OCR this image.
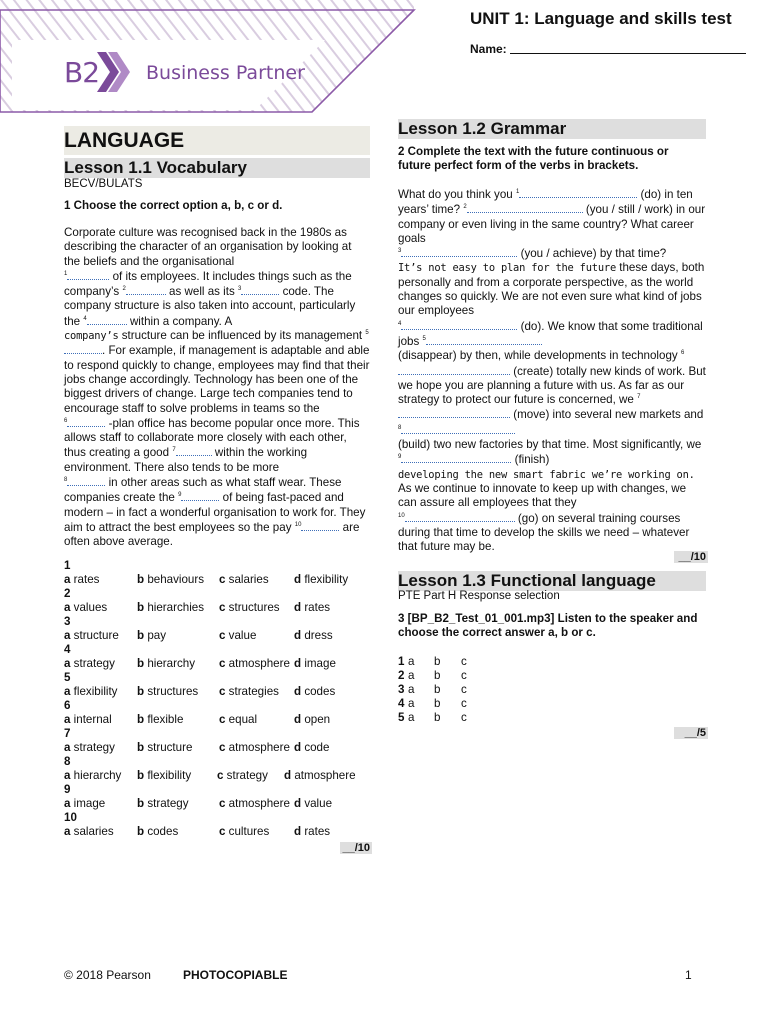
B2 Business Partner
UNIT 1: Language and skills test
Name:
LANGUAGE
Lesson 1.1 Vocabulary
BECV/BULATS
1 Choose the correct option a, b, c or d.
Corporate culture was recognised back in the 1980s as describing the character of an organisation by looking at the beliefs and the organisational
$^1$	of its employees. It includes things such as the company’s $^2$	as well as its $^3$	code. The company structure is also taken into account, particularly the $^4$	within a company. A
company’s structure can be influenced by its management $^5$. For example, if management is adaptable and able to respond quickly to change, employees may find that their jobs change accordingly. Technology has been one of the biggest drivers of change. Large tech companies tend to encourage staff to solve problems in teams so the
$^6$	-plan office has become popular once more. This allows staff to collaborate more closely with each other, thus creating a good $^7$	within the working environment. There also tends to be more
$^8$	in other areas such as what staff wear. These companies create the $^9$	of being fast-paced and modern – in fact a wonderful organisation to work for. They aim to attract the best employees so the pay $^{10}$	are often above average.
1
a rates	b behaviours c salaries d flexibility
2
a values	b hierarchies c structures d rates
3
a structure b pay	c value	d dress
4
a strategy b hierarchy c atmosphere d image
5
a flexibility b structures c strategies d codes
6
a internal b flexible	c equal	d open
7
a strategy b structure c atmosphere d code
8
a hierarchy b flexibility c strategy d atmosphere
9
a image	b strategy	c atmosphere d value
10
a salaries b codes	c cultures d rates
__/10
Lesson 1.2 Grammar
2 Complete the text with the future continuous or future perfect form of the verbs in brackets.
What do you think you $^1$	(do) in ten years’ time? $^2$	(you / still / work) in our company or even living in the same country? What career goals
$^3$	(you / achieve) by that time?
It’s not easy to plan for the future these days, both personally and from a corporate perspective, as the world changes so quickly. We are not even sure what kind of jobs our employees
$^4$	(do). We know that some traditional jobs $^5$
(disappear) by then, while developments in technology $^6$ (create) totally new kinds of work. But we hope you are planning a future with us. As far as our strategy to protect our future is concerned, we $^7$ (move) into several new markets and $^8$
(build) two new factories by that time. Most significantly, we $^9$	(finish)
developing the new smart fabric we’re working on. As we continue to innovate to keep up with changes, we can assure all employees that they
$^{10}$	(go) on several training courses during that time to develop the skills we need – whatever that future may be.
__/10
Lesson 1.3 Functional language
PTE Part H Response selection
3 [BP_B2_Test_01_001.mp3] Listen to the speaker and choose the correct answer a, b or c.
1 a b c
2 a b c
3 a b c
4 a b c
5 a b c
__/5
© 2018 Pearson	PHOTOCOPIABLE	1
